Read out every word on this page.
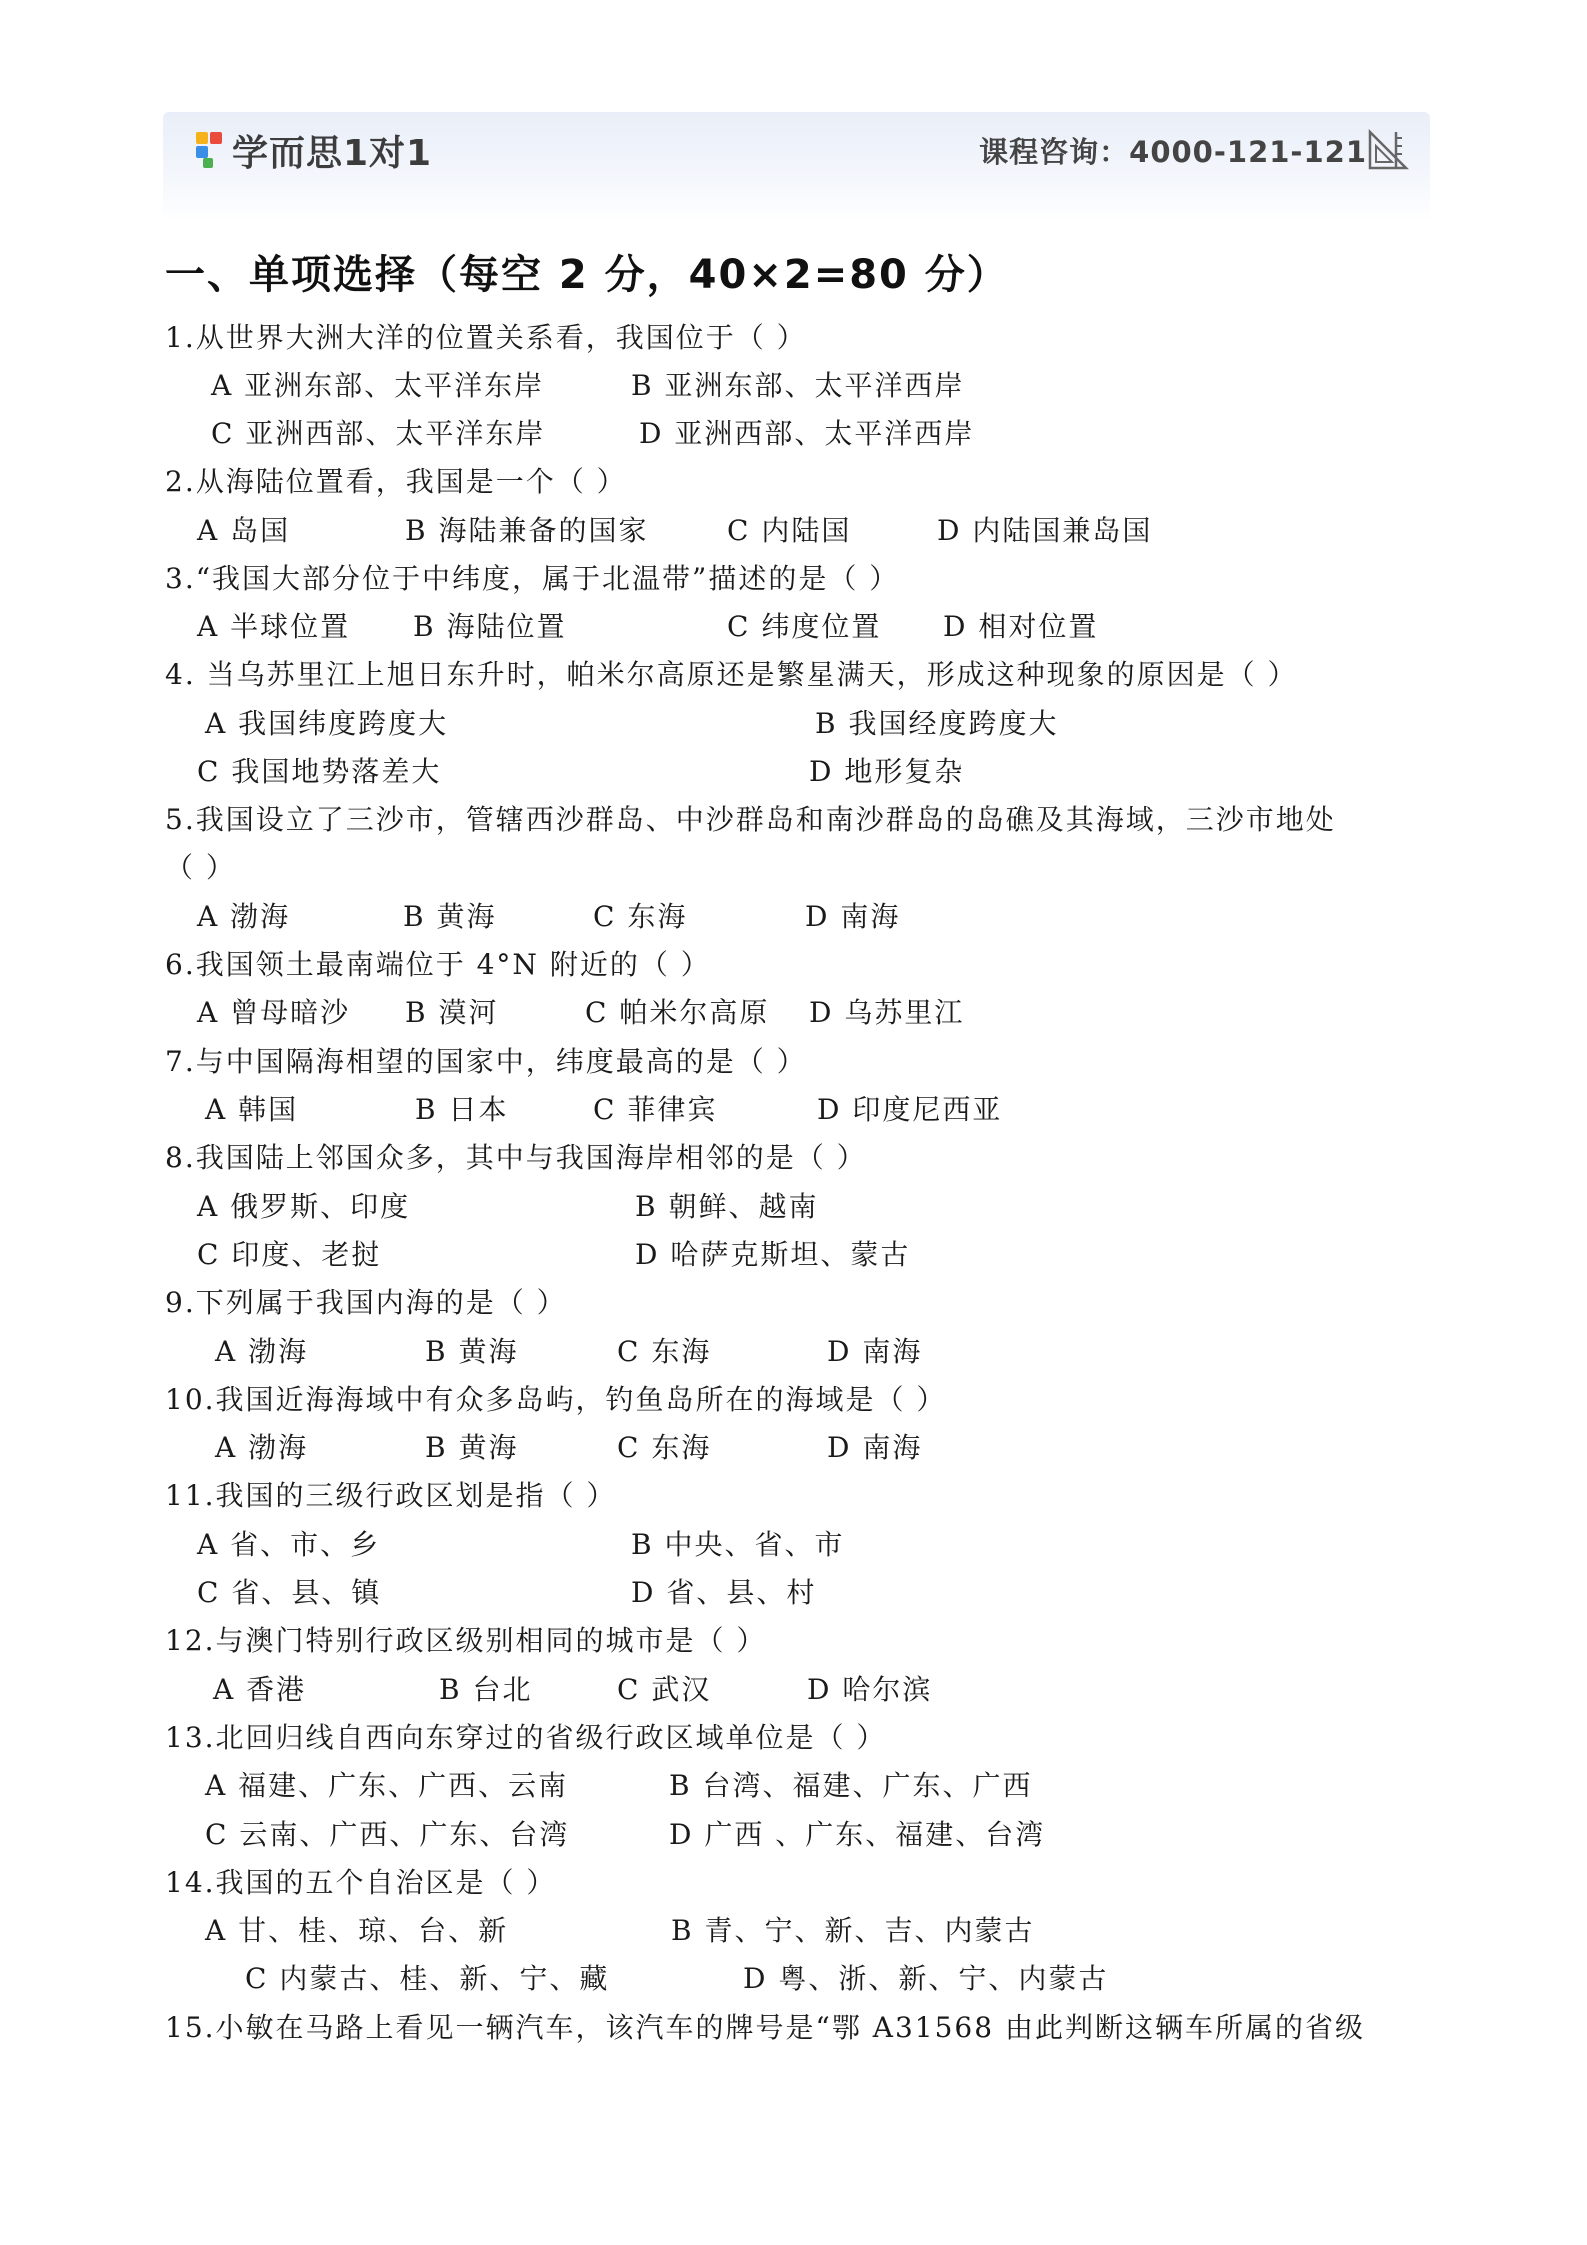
学而思1对1	课程咨询：4000-121-121
一、单项选择（每空 2 分，40×2=80 分）
1.从世界大洲大洋的位置关系看，我国位于（ ）
A 亚洲东部、太平洋东岸	B 亚洲东部、太平洋西岸
C 亚洲西部、太平洋东岸	D 亚洲西部、太平洋西岸
2.从海陆位置看，我国是一个（ ）
A 岛国	B 海陆兼备的国家	C 内陆国	D 内陆国兼岛国
3.“我国大部分位于中纬度，属于北温带”描述的是（ ）
A 半球位置 B 海陆位置	C 纬度位置 D 相对位置
4. 当乌苏里江上旭日东升时，帕米尔高原还是繁星满天，形成这种现象的原因是（ ）
A 我国纬度跨度大	B 我国经度跨度大
C 我国地势落差大	D 地形复杂
5.我国设立了三沙市，管辖西沙群岛、中沙群岛和南沙群岛的岛礁及其海域，三沙市地处
（ ）
A 渤海	B 黄海	C 东海	D 南海
6.我国领土最南端位于 4°N 附近的（ ）
A 曾母暗沙 B 漠河	C 帕米尔高原 D 乌苏里江
7.与中国隔海相望的国家中，纬度最高的是（ ）
A 韩国	B 日本	C 菲律宾	D 印度尼西亚
8.我国陆上邻国众多，其中与我国海岸相邻的是（ ）
A 俄罗斯、印度	B 朝鲜、越南
C 印度、老挝	D 哈萨克斯坦、蒙古
9.下列属于我国内海的是（ ）
A 渤海	B 黄海	C 东海	D 南海
10.我国近海海域中有众多岛屿，钓鱼岛所在的海域是（ ）
A 渤海	B 黄海	C 东海	D 南海
11.我国的三级行政区划是指（ ）
A 省、市、乡	B 中央、省、市
C 省、县、镇	D 省、县、村
12.与澳门特别行政区级别相同的城市是（ ）
A 香港	B 台北	C 武汉	D 哈尔滨
13.北回归线自西向东穿过的省级行政区域单位是（ ）
A 福建、广东、广西、云南	B 台湾、福建、广东、广西
C 云南、广西、广东、台湾	D 广西 、广东、福建、台湾
14.我国的五个自治区是（ ）
A 甘、桂、琼、台、新	B 青、宁、新、吉、内蒙古
C 内蒙古、桂、新、宁、藏	D 粤、浙、新、宁、内蒙古
15.小敏在马路上看见一辆汽车，该汽车的牌号是“鄂 A31568 由此判断这辆车所属的省级
